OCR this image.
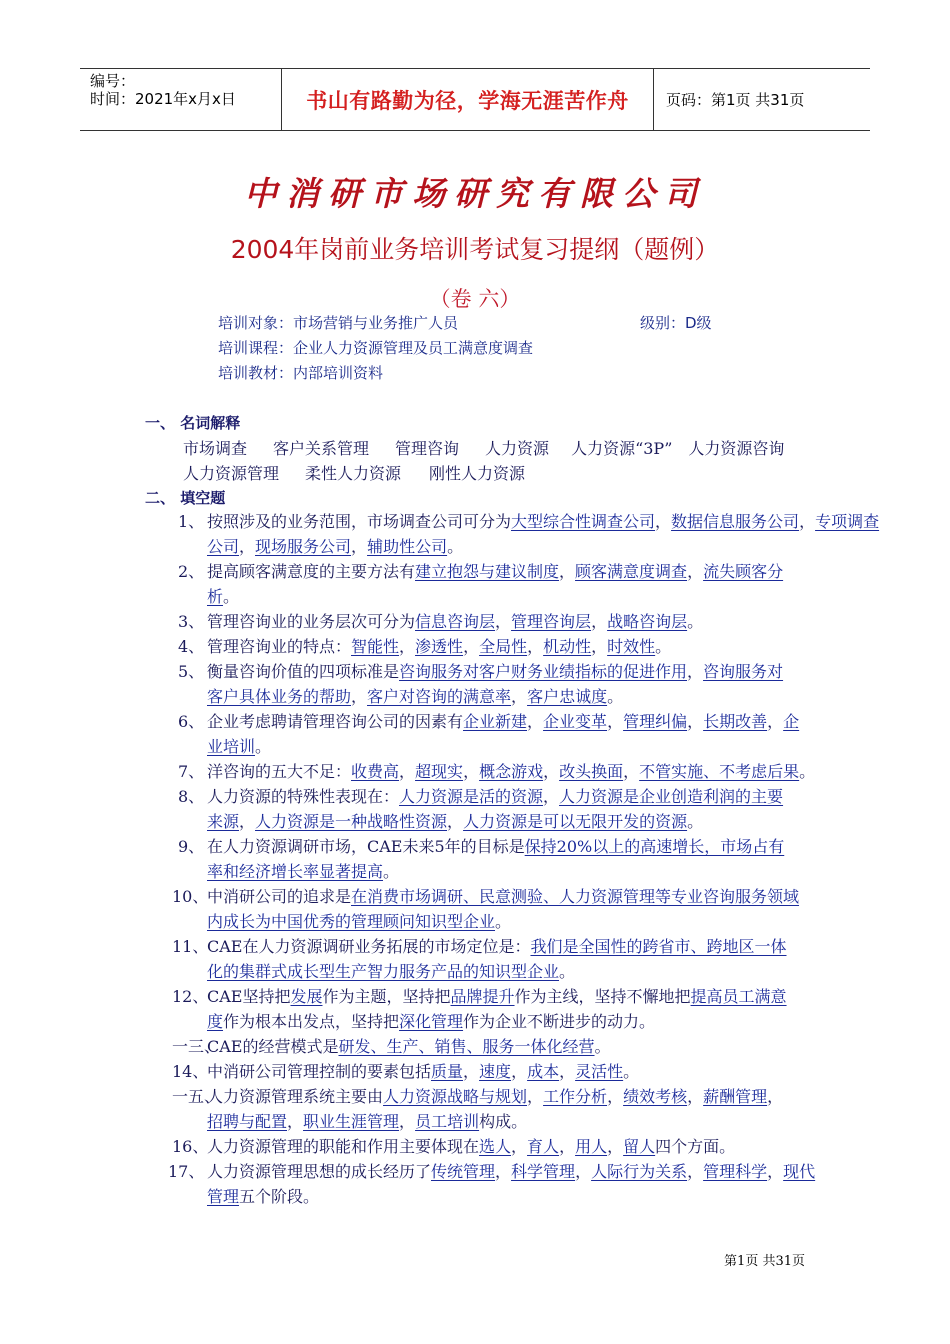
编号：
时间：2021年x月x日	书山有路勤为径，学海无涯苦作舟	页码：第1页 共31页
中消研市场研究有限公司
2004年岗前业务培训考试复习提纲（题例）
（卷 六）
培训对象：市场营销与业务推广人员	级别：D级
培训课程：企业人力资源管理及员工满意度调查
培训教材：内部培训资料
一、 名词解释
市场调查 客户关系管理 管理咨询 人力资源 人力资源“3P” 人力资源咨询
人力资源管理 柔性人力资源 刚性人力资源
二、 填空题
1、 按照涉及的业务范围，市场调查公司可分为大型综合性调查公司，数据信息服务公司，专项调查
公司，现场服务公司，辅助性公司。
2、 提高顾客满意度的主要方法有建立抱怨与建议制度，顾客满意度调查，流失顾客分
析。
3、 管理咨询业的业务层次可分为信息咨询层，管理咨询层，战略咨询层。
4、 管理咨询业的特点：智能性，渗透性，全局性，机动性，时效性。
5、 衡量咨询价值的四项标准是咨询服务对客户财务业绩指标的促进作用，咨询服务对
客户具体业务的帮助，客户对咨询的满意率，客户忠诚度。
6、 企业考虑聘请管理咨询公司的因素有企业新建，企业变革，管理纠偏，长期改善，企
业培训。
7、 洋咨询的五大不足：收费高，超现实，概念游戏，改头换面，不管实施、不考虑后果。
8、 人力资源的特殊性表现在：人力资源是活的资源，人力资源是企业创造利润的主要
来源，人力资源是一种战略性资源，人力资源是可以无限开发的资源。
9、 在人力资源调研市场，CAE未来5年的目标是保持20%以上的高速增长，市场占有
率和经济增长率显著提高。
10、
中消研公司的追求是在消费市场调研、民意测验、人力资源管理等专业咨询服务领域
内成长为中国优秀的管理顾问知识型企业。
11、
CAE在人力资源调研业务拓展的市场定位是：我们是全国性的跨省市、跨地区一体
化的集群式成长型生产智力服务产品的知识型企业。
12、
CAE坚持把发展作为主题，坚持把品牌提升作为主线，坚持不懈地把提高员工满意
度作为根本出发点，坚持把深化管理作为企业不断进步的动力。
一三、
CAE的经营模式是研发、生产、销售、服务一体化经营。
14、
中消研公司管理控制的要素包括质量，速度，成本，灵活性。
一五、
人力资源管理系统主要由人力资源战略与规划，工作分析，绩效考核，薪酬管理，
招聘与配置，职业生涯管理，员工培训构成。
16、
人力资源管理的职能和作用主要体现在选人，育人，用人，留人四个方面。
17、 人力资源管理思想的成长经历了传统管理，科学管理，人际行为关系，管理科学，现代
管理五个阶段。
第1页 共31页
